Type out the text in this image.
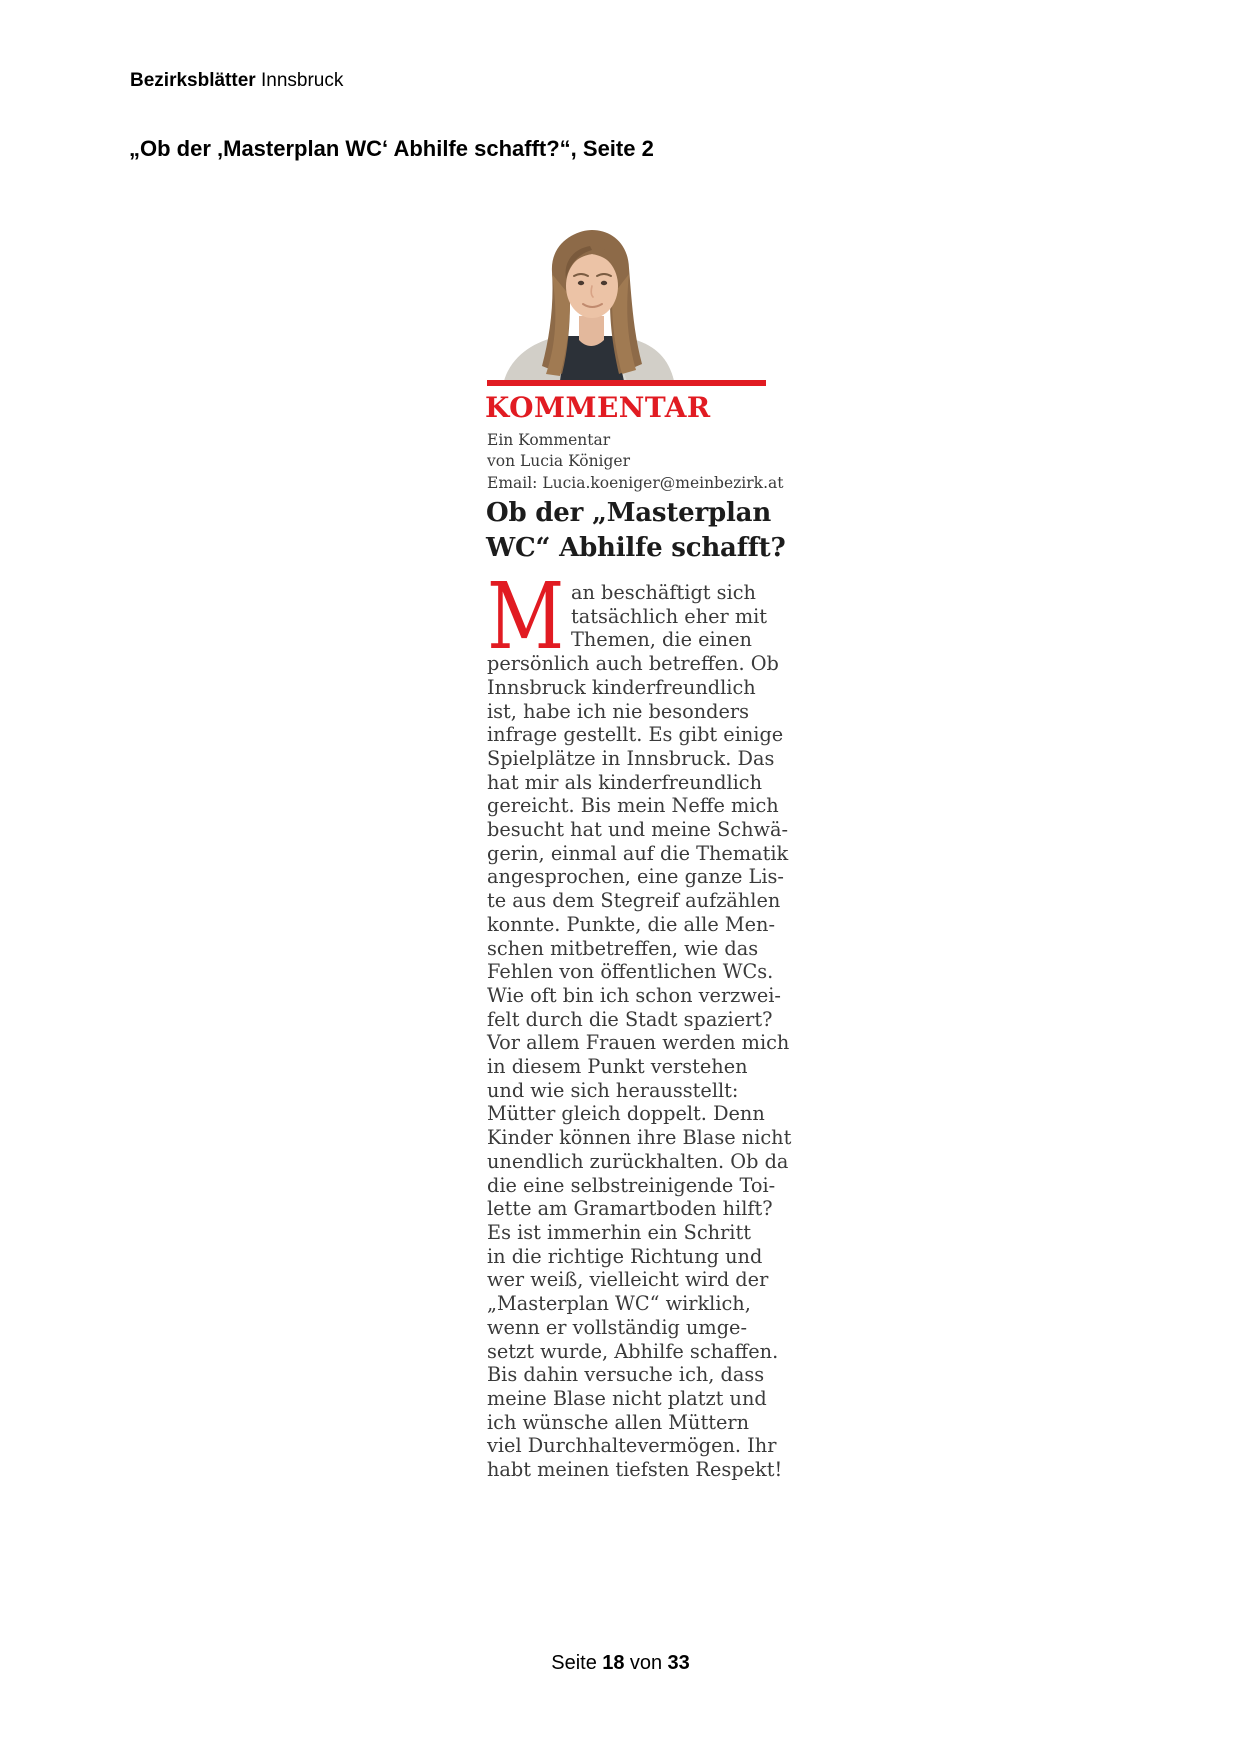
Bezirksblätter Innsbruck
„Ob der ‚Masterplan WC‘ Abhilfe schafft?“, Seite 2
KOMMENTAR
Ein Kommentar
von Lucia Königer
Email: Lucia.koeniger@meinbezirk.at
Ob der „Masterplan
WC“ Abhilfe schafft?
M an beschäftigt sich
tatsächlich eher mit
Themen, die einen
persönlich auch betreffen. Ob
Innsbruck kinderfreundlich
ist, habe ich nie besonders
infrage gestellt. Es gibt einige
Spielplätze in Innsbruck. Das
hat mir als kinderfreundlich
gereicht. Bis mein Neffe mich
besucht hat und meine Schwä-
gerin, einmal auf die Thematik
angesprochen, eine ganze Lis-
te aus dem Stegreif aufzählen
konnte. Punkte, die alle Men-
schen mitbetreffen, wie das
Fehlen von öffentlichen WCs.
Wie oft bin ich schon verzwei-
felt durch die Stadt spaziert?
Vor allem Frauen werden mich
in diesem Punkt verstehen
und wie sich herausstellt:
Mütter gleich doppelt. Denn
Kinder können ihre Blase nicht
unendlich zurückhalten. Ob da
die eine selbstreinigende Toi-
lette am Gramartboden hilft?
Es ist immerhin ein Schritt
in die richtige Richtung und
wer weiß, vielleicht wird der
„Masterplan WC“ wirklich,
wenn er vollständig umge-
setzt wurde, Abhilfe schaffen.
Bis dahin versuche ich, dass
meine Blase nicht platzt und
ich wünsche allen Müttern
viel Durchhaltevermögen. Ihr
habt meinen tiefsten Respekt!
Seite 18 von 33
